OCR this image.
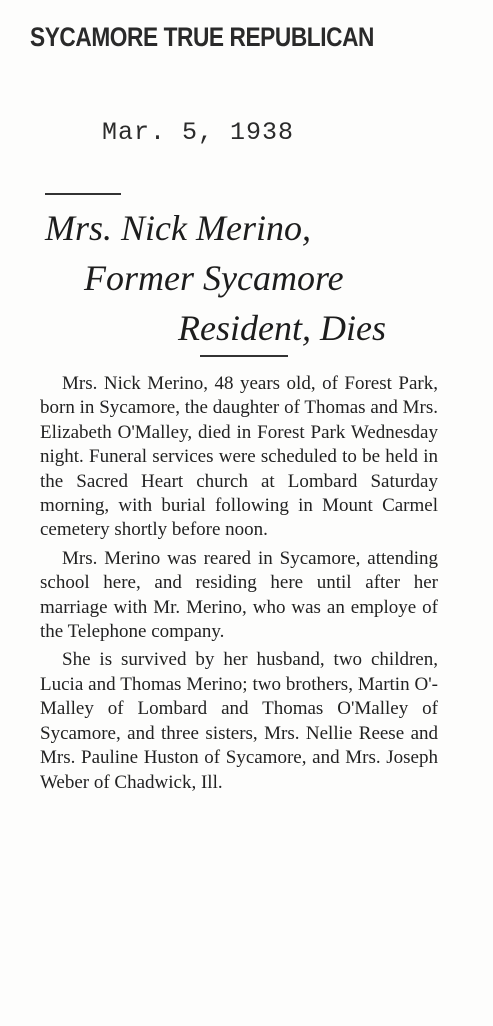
SYCAMORE TRUE REPUBLICAN
Mar. 5, 1938
Mrs. Nick Merino,
Former Sycamore
Resident, Dies

Mrs. Nick Merino, 48 years old, of Forest Park, born in Sycamore, the daughter of Thomas and Mrs. Elizabeth O'Malley, died in Forest Park Wednesday night. Funeral services were scheduled to be held in the Sacred Heart church at Lombard Saturday morning, with burial following in Mount Carmel cemetery shortly before noon.

Mrs. Merino was reared in Sycamore, attending school here, and residing here until after her marriage with Mr. Merino, who was an employe of the Telephone company.

She is survived by her husband, two children, Lucia and Thomas Merino; two brothers, Martin O'-Malley of Lombard and Thomas O'Malley of Sycamore, and three sisters, Mrs. Nellie Reese and Mrs. Pauline Huston of Sycamore, and Mrs. Joseph Weber of Chadwick, Ill.
